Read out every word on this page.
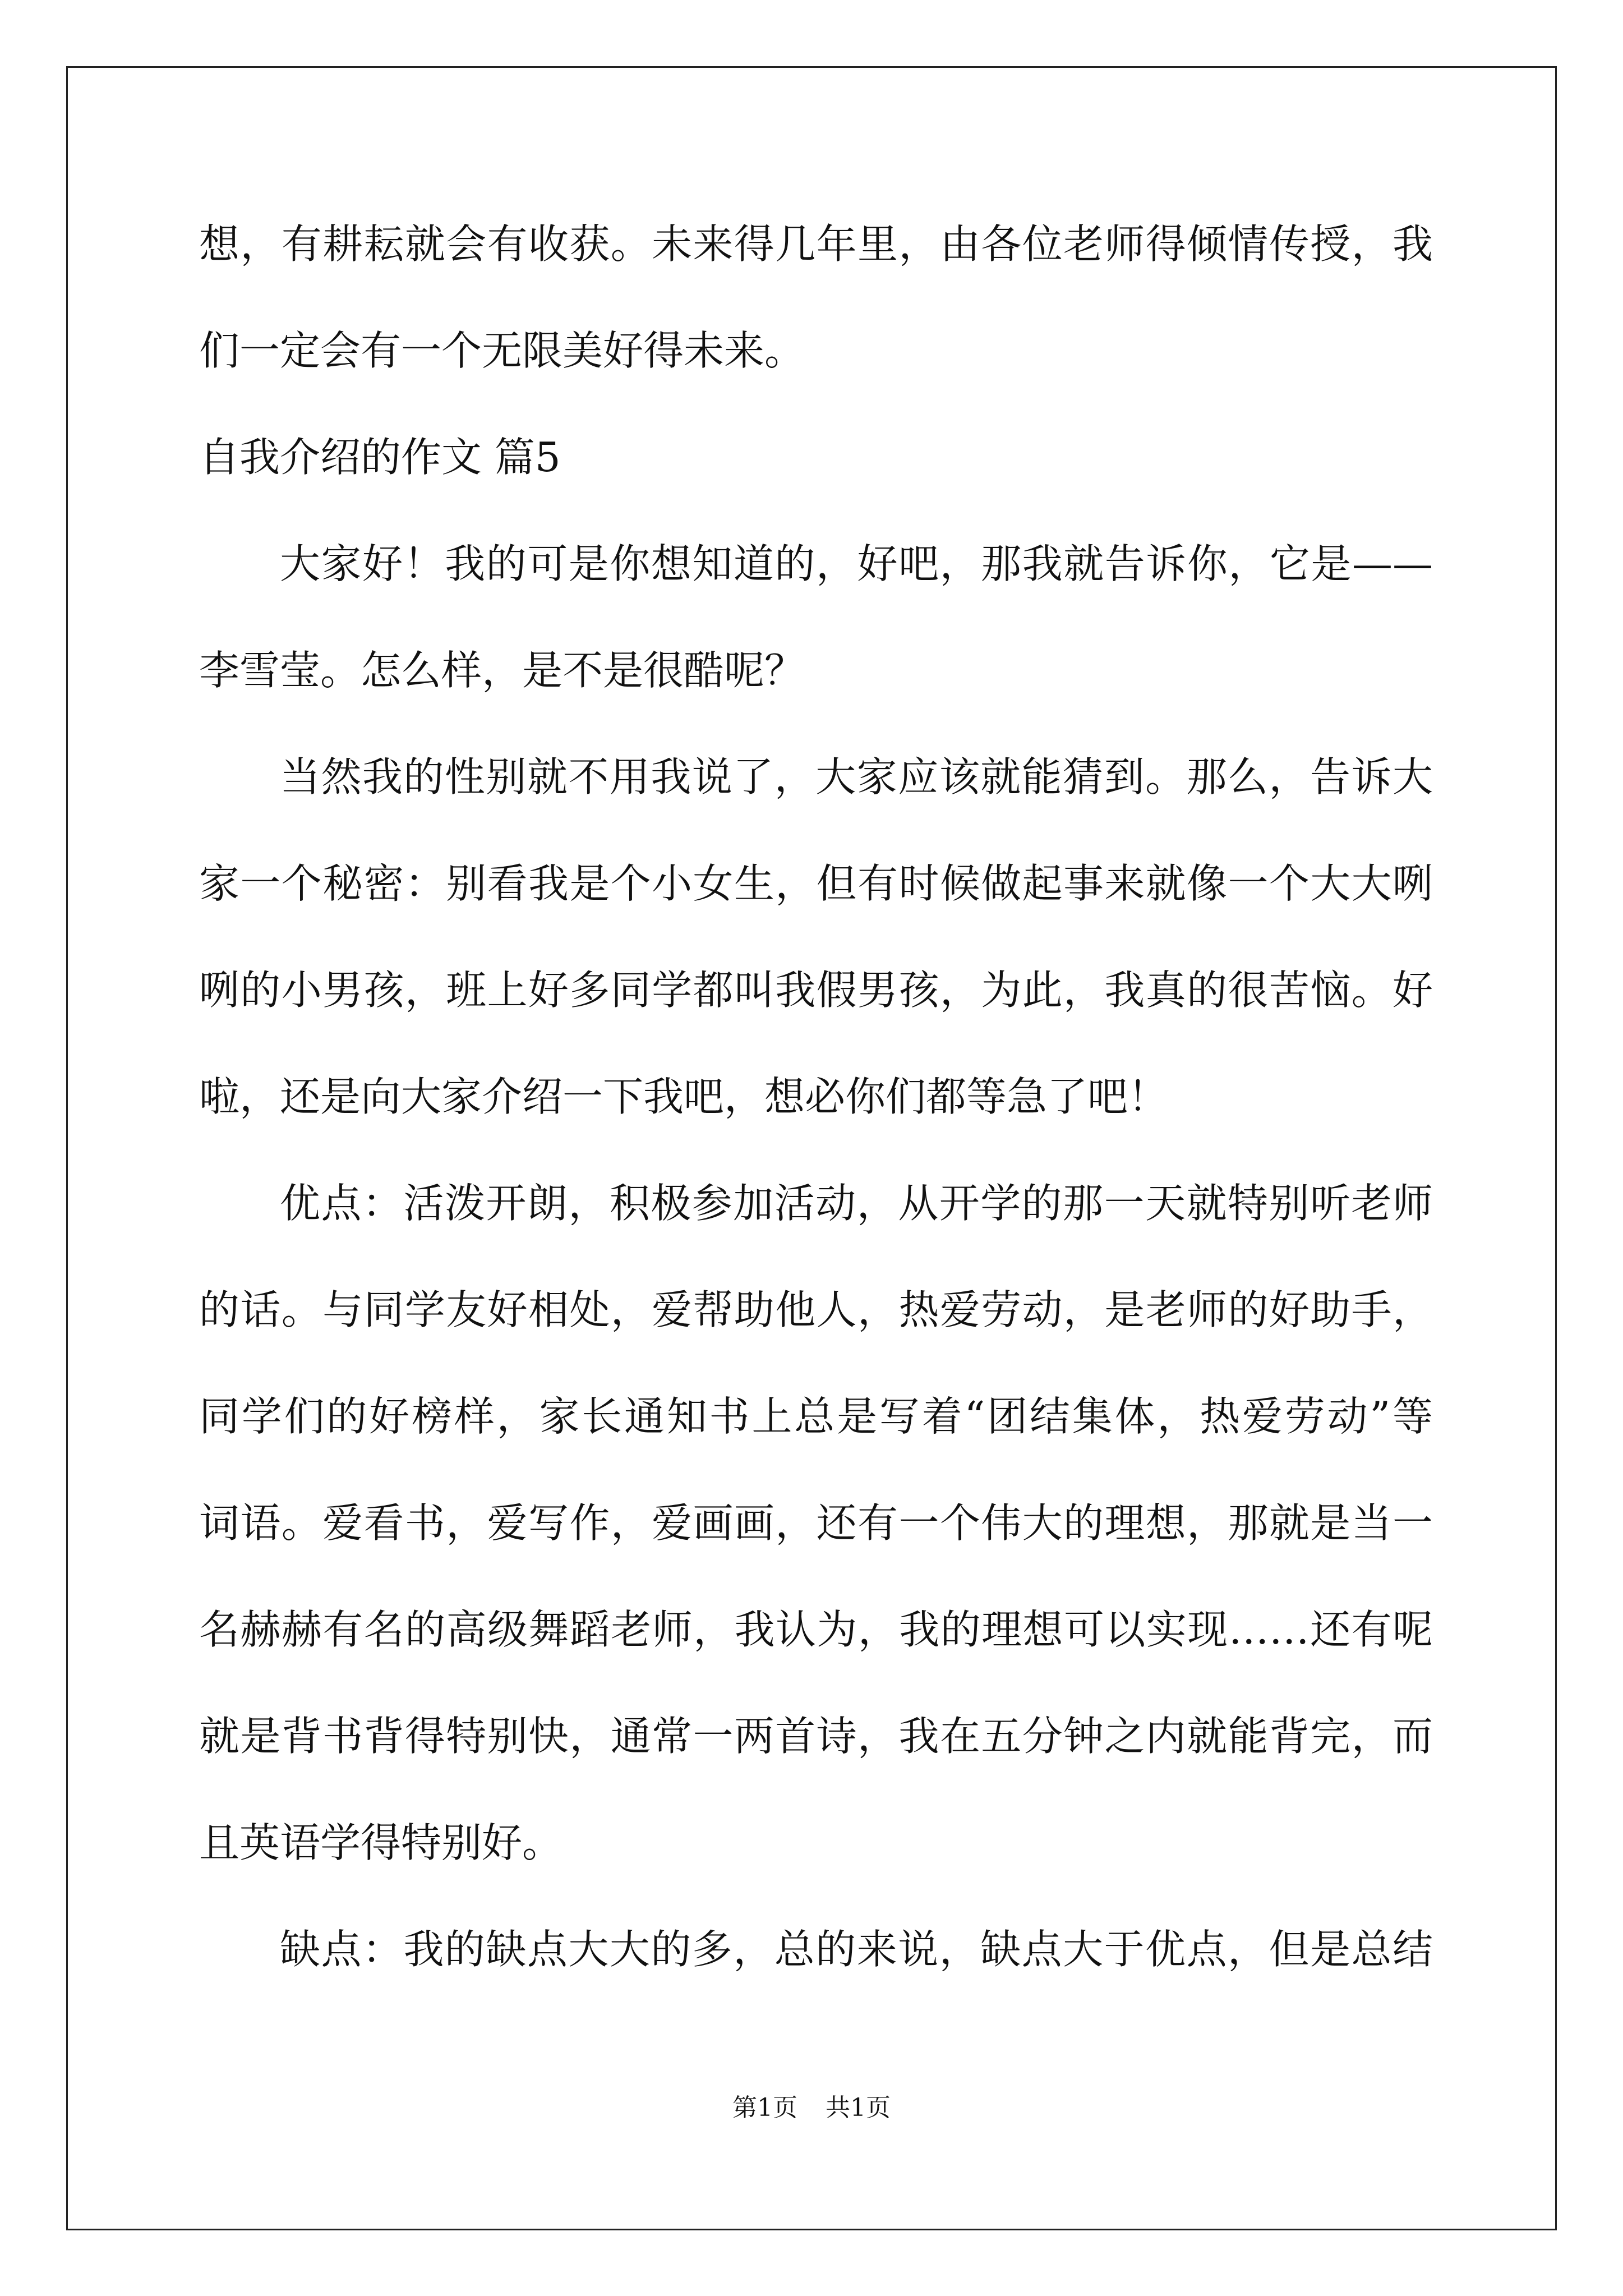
想，有耕耘就会有收获。未来得几年里，由各位老师得倾情传授，我
们一定会有一个无限美好得未来。
自我介绍的作文 篇5
大家好！我的可是你想知道的，好吧，那我就告诉你，它是——
李雪莹。怎么样，是不是很酷呢？
当然我的性别就不用我说了，大家应该就能猜到。那么，告诉大
家一个秘密：别看我是个小女生，但有时候做起事来就像一个大大咧
咧的小男孩，班上好多同学都叫我假男孩，为此，我真的很苦恼。好
啦，还是向大家介绍一下我吧，想必你们都等急了吧！
优点：活泼开朗，积极参加活动，从开学的那一天就特别听老师
的话。与同学友好相处，爱帮助他人，热爱劳动，是老师的好助手，
同学们的好榜样，家长通知书上总是写着“团结集体，热爱劳动”等
词语。爱看书，爱写作，爱画画，还有一个伟大的理想，那就是当一
名赫赫有名的高级舞蹈老师，我认为，我的理想可以实现……还有呢
就是背书背得特别快，通常一两首诗，我在五分钟之内就能背完，而
且英语学得特别好。
缺点：我的缺点大大的多，总的来说，缺点大于优点，但是总结
第1页 共1页
